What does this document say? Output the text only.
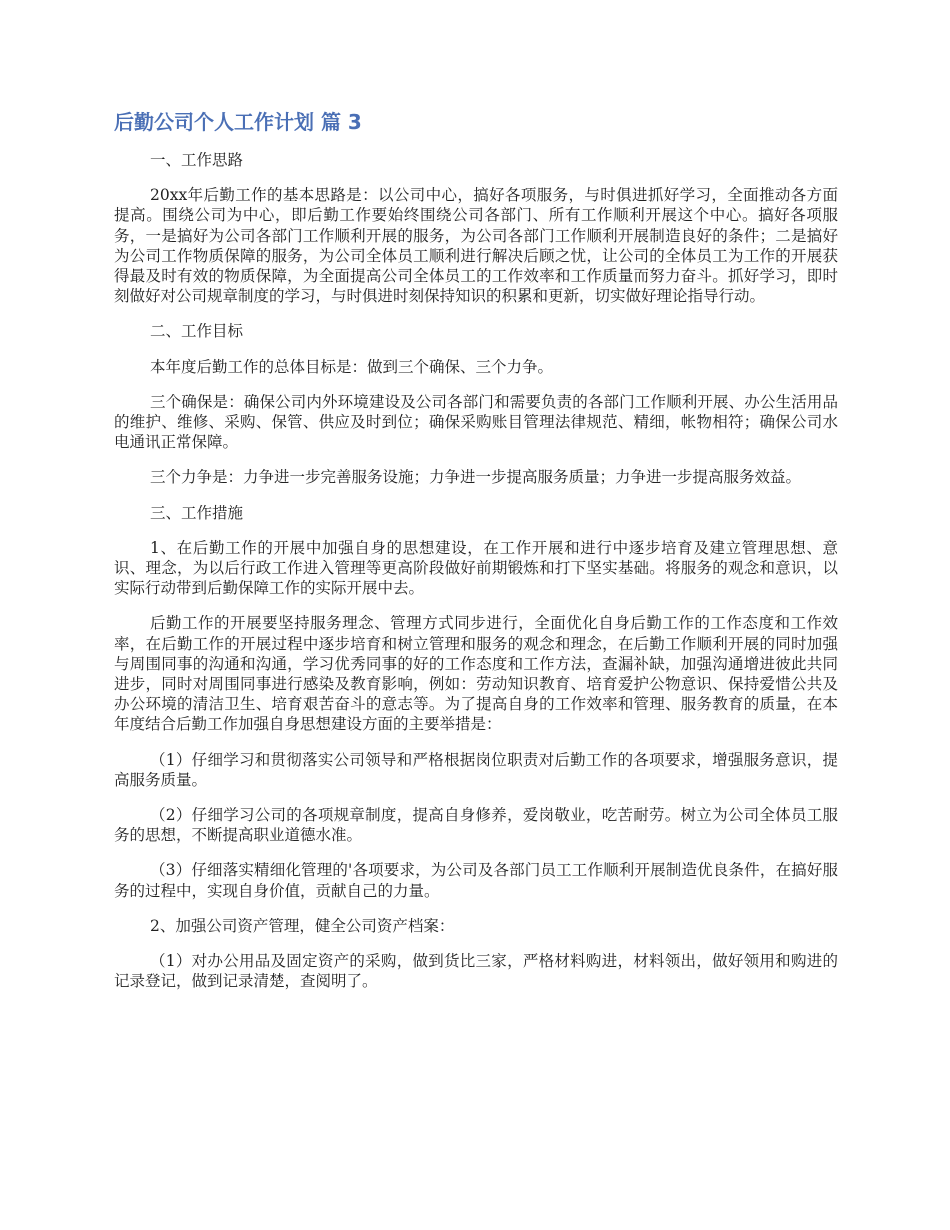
后勤公司个人工作计划 篇 3

一、工作思路

20xx年后勤工作的基本思路是：以公司中心，搞好各项服务，与时俱进抓好学习，全面推动各方面提高。围绕公司为中心，即后勤工作要始终围绕公司各部门、所有工作顺利开展这个中心。搞好各项服务，一是搞好为公司各部门工作顺利开展的服务，为公司各部门工作顺利开展制造良好的条件；二是搞好为公司工作物质保障的服务，为公司全体员工顺利进行解决后顾之忧，让公司的全体员工为工作的开展获得最及时有效的物质保障，为全面提高公司全体员工的工作效率和工作质量而努力奋斗。抓好学习，即时刻做好对公司规章制度的学习，与时俱进时刻保持知识的积累和更新，切实做好理论指导行动。

二、工作目标

本年度后勤工作的总体目标是：做到三个确保、三个力争。

三个确保是：确保公司内外环境建设及公司各部门和需要负责的各部门工作顺利开展、办公生活用品的维护、维修、采购、保管、供应及时到位；确保采购账目管理法律规范、精细，帐物相符；确保公司水电通讯正常保障。

三个力争是：力争进一步完善服务设施；力争进一步提高服务质量；力争进一步提高服务效益。

三、工作措施

1、在后勤工作的开展中加强自身的思想建设，在工作开展和进行中逐步培育及建立管理思想、意识、理念，为以后行政工作进入管理等更高阶段做好前期锻炼和打下坚实基础。将服务的观念和意识，以实际行动带到后勤保障工作的实际开展中去。

后勤工作的开展要坚持服务理念、管理方式同步进行，全面优化自身后勤工作的工作态度和工作效率，在后勤工作的开展过程中逐步培育和树立管理和服务的观念和理念，在后勤工作顺利开展的同时加强与周围同事的沟通和沟通，学习优秀同事的好的工作态度和工作方法，查漏补缺，加强沟通增进彼此共同进步，同时对周围同事进行感染及教育影响，例如：劳动知识教育、培育爱护公物意识、保持爱惜公共及办公环境的清洁卫生、培育艰苦奋斗的意志等。为了提高自身的工作效率和管理、服务教育的质量，在本年度结合后勤工作加强自身思想建设方面的主要举措是：

（1）仔细学习和贯彻落实公司领导和严格根据岗位职责对后勤工作的各项要求，增强服务意识，提高服务质量。

（2）仔细学习公司的各项规章制度，提高自身修养，爱岗敬业，吃苦耐劳。树立为公司全体员工服务的思想，不断提高职业道德水准。

（3）仔细落实精细化管理的'各项要求，为公司及各部门员工工作顺利开展制造优良条件，在搞好服务的过程中，实现自身价值，贡献自己的力量。

2、加强公司资产管理，健全公司资产档案：

（1）对办公用品及固定资产的采购，做到货比三家，严格材料购进，材料领出，做好领用和购进的记录登记，做到记录清楚，查阅明了。
